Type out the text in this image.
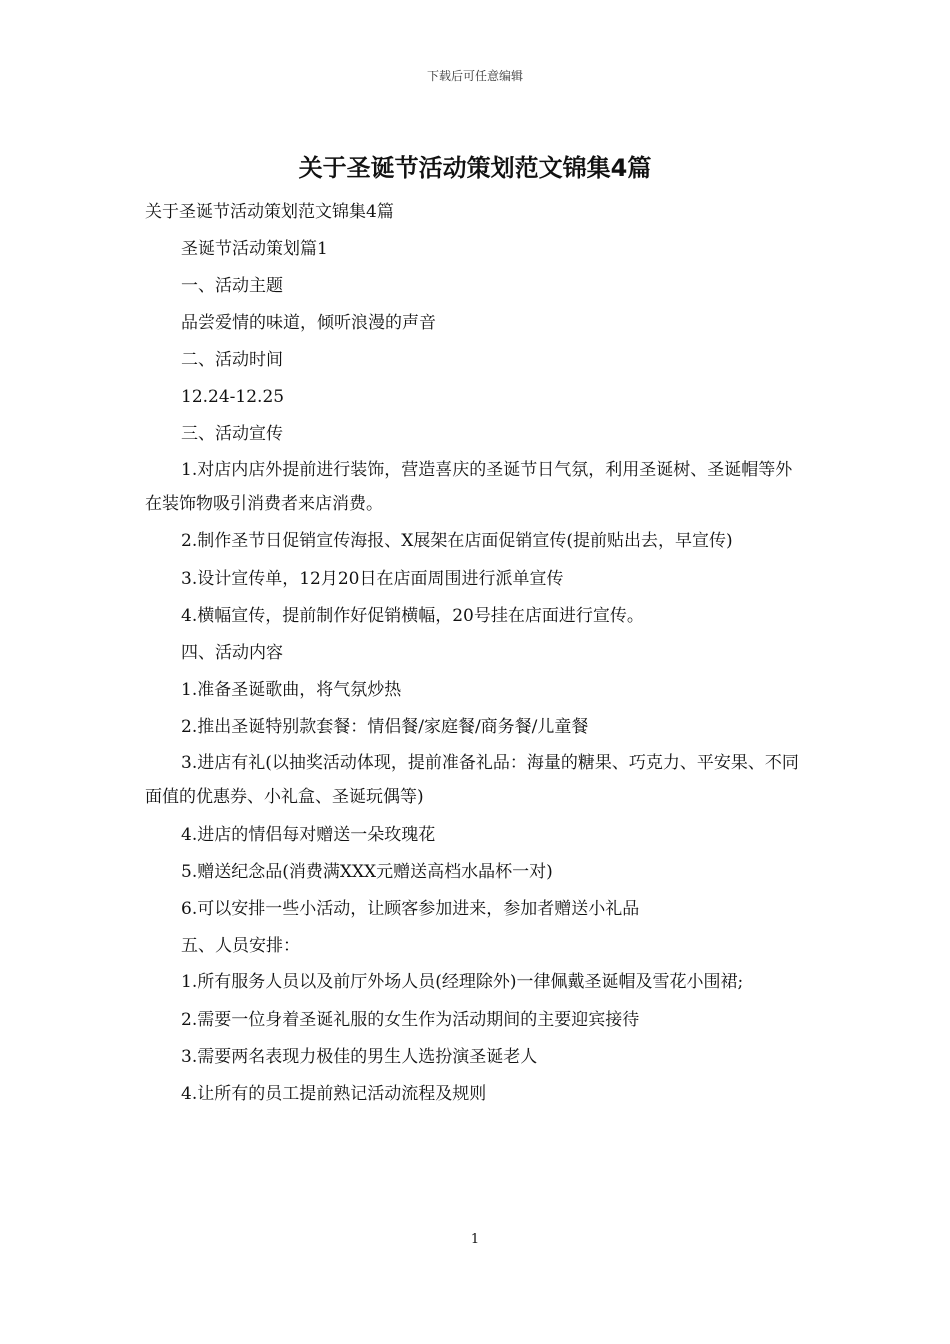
下载后可任意编辑
关于圣诞节活动策划范文锦集4篇

关于圣诞节活动策划范文锦集4篇

圣诞节活动策划篇1

一、活动主题

品尝爱情的味道，倾听浪漫的声音

二、活动时间

12.24-12.25

三、活动宣传

1.对店内店外提前进行装饰，营造喜庆的圣诞节日气氛，利用圣诞树、圣诞帽等外在装饰物吸引消费者来店消费。

2.制作圣节日促销宣传海报、X展架在店面促销宣传(提前贴出去，早宣传)

3.设计宣传单，12月20日在店面周围进行派单宣传

4.横幅宣传，提前制作好促销横幅，20号挂在店面进行宣传。

四、活动内容

1.准备圣诞歌曲，将气氛炒热

2.推出圣诞特别款套餐：情侣餐/家庭餐/商务餐/儿童餐

3.进店有礼(以抽奖活动体现，提前准备礼品：海量的糖果、巧克力、平安果、不同面值的优惠券、小礼盒、圣诞玩偶等)

4.进店的情侣每对赠送一朵玫瑰花

5.赠送纪念品(消费满XXX元赠送高档水晶杯一对)

6.可以安排一些小活动，让顾客参加进来，参加者赠送小礼品

五、人员安排：

1.所有服务人员以及前厅外场人员(经理除外)一律佩戴圣诞帽及雪花小围裙;

2.需要一位身着圣诞礼服的女生作为活动期间的主要迎宾接待

3.需要两名表现力极佳的男生人选扮演圣诞老人

4.让所有的员工提前熟记活动流程及规则

1
